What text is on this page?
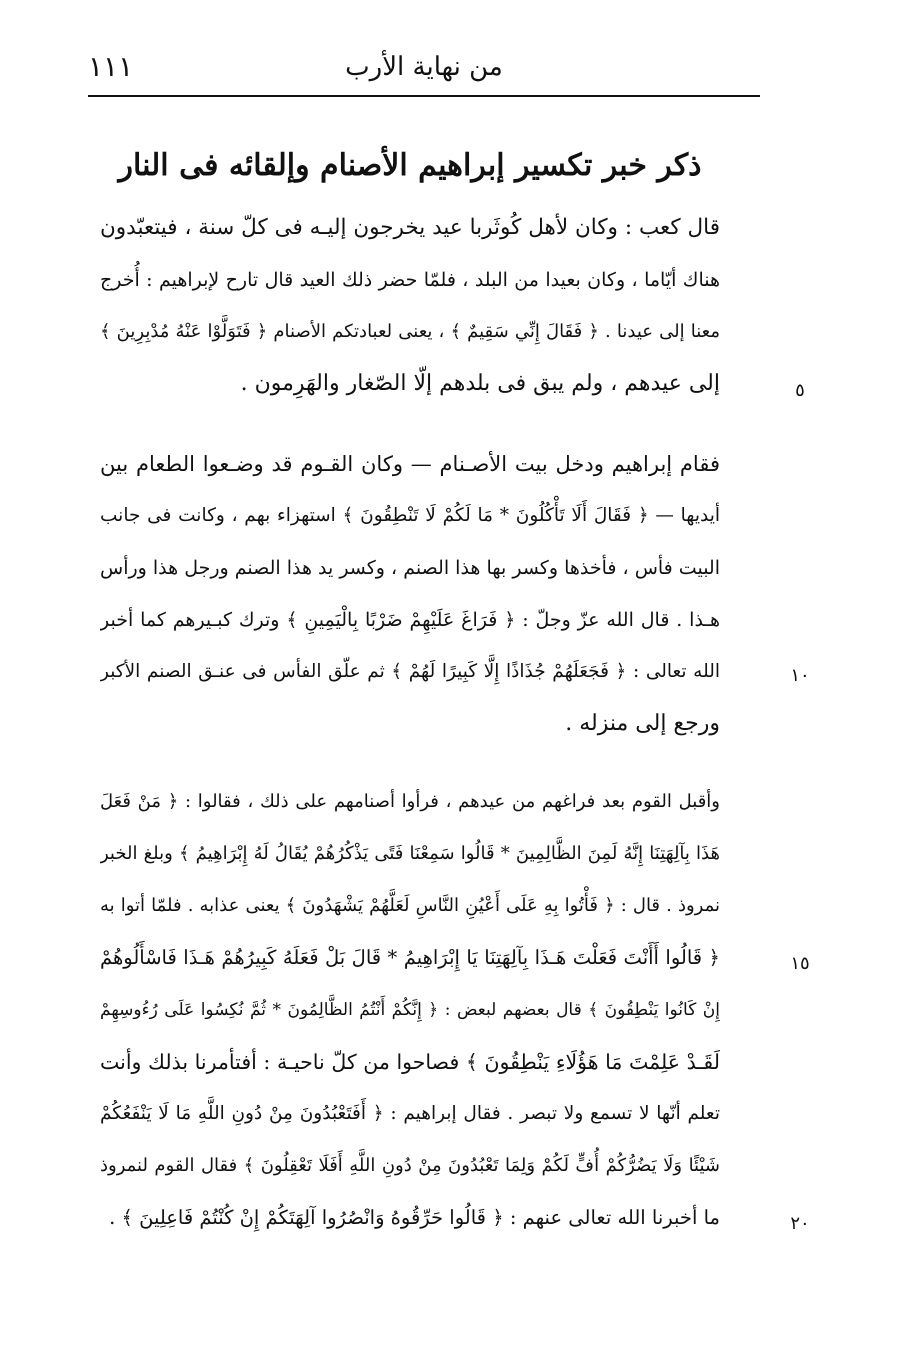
من نهاية الأرب
١١١
ذكر خبر تكسير إبراهيم الأصنام وإلقائه فى النار
قال كعب : وكان لأهل كُوثَربا عيد يخرجون إليـه فى كلّ سنة ، فيتعبّدون
هناك أيّاما ، وكان بعيدا من البلد ، فلمّا حضر ذلك العيد قال تارح لإبراهيم : أُخرج
معنا إلى عيدنا . ﴿ فَقَالَ إِنِّي سَقِيمٌ ﴾ ، يعنى لعبادتكم الأصنام ﴿ فَتَوَلَّوْا عَنْهُ مُدْبِرِينَ ﴾
إلى عيدهم ، ولم يبق فى بلدهم إلّا الصّغار والهَرِمون .
فقام إبراهيم ودخل بيت الأصـنام — وكان القـوم قد وضـعوا الطعام بين
أيديها — ﴿ فَقَالَ أَلَا تَأْكُلُونَ * مَا لَكُمْ لَا تَنْطِقُونَ ﴾ استهزاء بهم ، وكانت فى جانب
البيت فأس ، فأخذها وكسر بها هذا الصنم ، وكسر يد هذا الصنم ورجل هذا ورأس
هـذا . قال الله عزّ وجلّ : ﴿ فَرَاغَ عَلَيْهِمْ ضَرْبًا بِالْيَمِينِ ﴾ وترك كبـيرهم كما أخبر
الله تعالى : ﴿ فَجَعَلَهُمْ جُذَاذًا إِلَّا كَبِيرًا لَهُمْ ﴾ ثم علّق الفأس فى عنـق الصنم الأكبر
ورجع إلى منزله .
وأقبل القوم بعد فراغهم من عيدهم ، فرأوا أصنامهم على ذلك ، فقالوا : ﴿ مَنْ فَعَلَ
هَذَا بِآلِهَتِنَا إِنَّهُ لَمِنَ الظَّالِمِينَ * قَالُوا سَمِعْنَا فَتًى يَذْكُرُهُمْ يُقَالُ لَهُ إِبْرَاهِيمُ ﴾ وبلغ الخبر
نمروذ . قال : ﴿ فَأْتُوا بِهِ عَلَى أَعْيُنِ النَّاسِ لَعَلَّهُمْ يَشْهَدُونَ ﴾ يعنى عذابه . فلمّا أتوا به
﴿ قَالُوا أَأَنْتَ فَعَلْتَ هَـذَا بِآلِهَتِنَا يَا إِبْرَاهِيمُ * قَالَ بَلْ فَعَلَهُ كَبِيرُهُمْ هَـذَا فَاسْأَلُوهُمْ
إِنْ كَانُوا يَنْطِقُونَ ﴾ قال بعضهم لبعض : ﴿ إِنَّكُمْ أَنْتُمُ الظَّالِمُونَ * ثُمَّ نُكِسُوا عَلَى رُءُوسِهِمْ
لَقَـدْ عَلِمْتَ مَا هَؤُلَاءِ يَنْطِقُونَ ﴾ فصاحوا من كلّ ناحيـة : أفتأمرنا بذلك وأنت
تعلم أنّها لا تسمع ولا تبصر . فقال إبراهيم : ﴿ أَفَتَعْبُدُونَ مِنْ دُونِ اللَّهِ مَا لَا يَنْفَعُكُمْ
شَيْئًا وَلَا يَضُرُّكُمْ أُفٍّ لَكُمْ وَلِمَا تَعْبُدُونَ مِنْ دُونِ اللَّهِ أَفَلَا تَعْقِلُونَ ﴾ فقال القوم لنمروذ
ما أخبرنا الله تعالى عنهم : ﴿ قَالُوا حَرِّقُوهُ وَانْصُرُوا آلِهَتَكُمْ إِنْ كُنْتُمْ فَاعِلِينَ ﴾ .
٥
١٠
١٥
٢٠
